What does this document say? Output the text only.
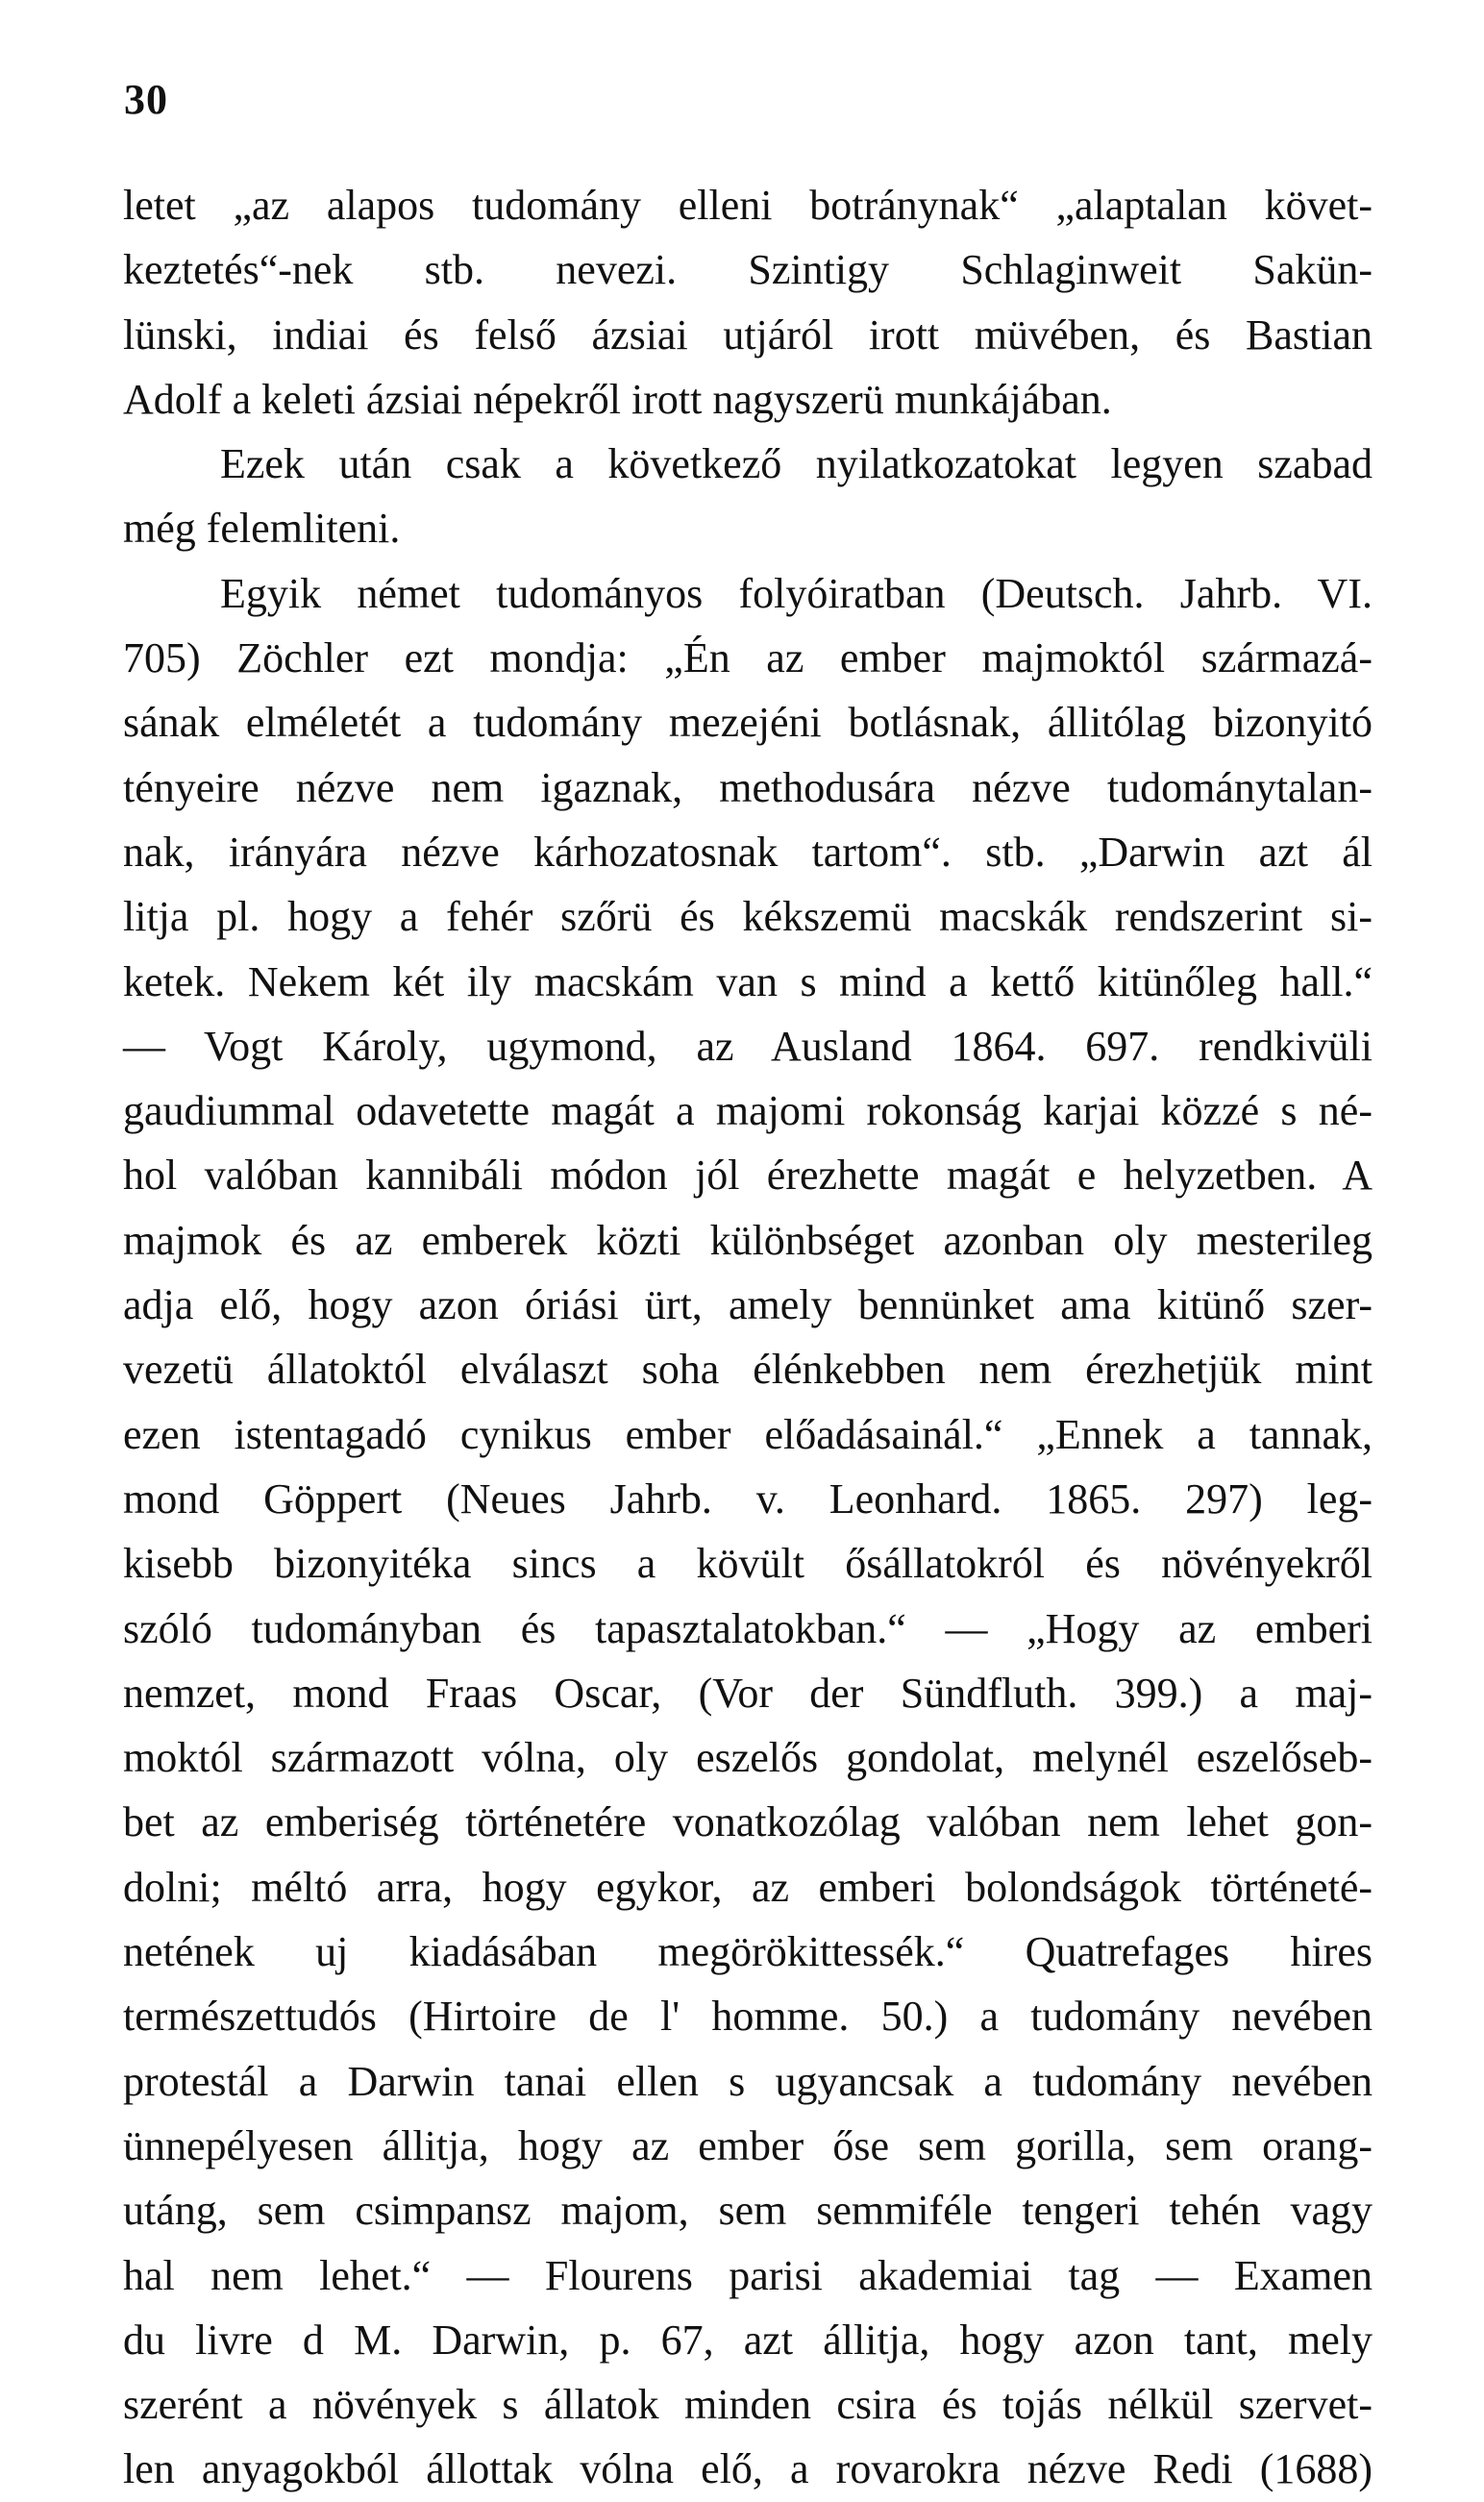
30
letet „az alapos tudomány elleni botránynak“ „alaptalan követ-
keztetés“-nek stb. nevezi. Szintigy Schlaginweit Sakün-
lünski, indiai és felső ázsiai utjáról irott müvében, és Bastian
Adolf a keleti ázsiai népekről irott nagyszerü munkájában.
Ezek után csak a következő nyilatkozatokat legyen szabad
még felemliteni.
Egyik német tudományos folyóiratban (Deutsch. Jahrb. VI.
705) Zöchler ezt mondja: „Én az ember majmoktól származá-
sának elméletét a tudomány mezejéni botlásnak, állitólag bizonyitó
tényeire nézve nem igaznak, methodusára nézve tudománytalan-
nak, irányára nézve kárhozatosnak tartom“. stb. „Darwin azt ál
litja pl. hogy a fehér szőrü és kékszemü macskák rendszerint si-
ketek. Nekem két ily macskám van s mind a kettő kitünőleg hall.“
— Vogt Károly, ugymond, az Ausland 1864. 697. rendkivüli
gaudiummal odavetette magát a majomi rokonság karjai közzé s né-
hol valóban kannibáli módon jól érezhette magát e helyzetben. A
majmok és az emberek közti különbséget azonban oly mesterileg
adja elő, hogy azon óriási ürt, amely bennünket ama kitünő szer-
vezetü állatoktól elválaszt soha élénkebben nem érezhetjük mint
ezen istentagadó cynikus ember előadásainál.“ „Ennek a tannak,
mond Göppert (Neues Jahrb. v. Leonhard. 1865. 297) leg-
kisebb bizonyitéka sincs a kövült ősállatokról és növényekről
szóló tudományban és tapasztalatokban.“ — „Hogy az emberi
nemzet, mond Fraas Oscar, (Vor der Sündfluth. 399.) a maj-
moktól származott vólna, oly eszelős gondolat, melynél eszelőseb-
bet az emberiség történetére vonatkozólag valóban nem lehet gon-
dolni; méltó arra, hogy egykor, az emberi bolondságok történeté-
netének uj kiadásában megörökittessék.“ Quatrefages hires
természettudós (Hirtoire de l' homme. 50.) a tudomány nevében
protestál a Darwin tanai ellen s ugyancsak a tudomány nevében
ünnepélyesen állitja, hogy az ember őse sem gorilla, sem orang-
utáng, sem csimpansz majom, sem semmiféle tengeri tehén vagy
hal nem lehet.“ — Flourens parisi akademiai tag — Examen
du livre d M. Darwin, p. 67, azt állitja, hogy azon tant, mely
szerént a növények s állatok minden csira és tojás nélkül szervet-
len anyagokból állottak vólna elő, a rovarokra nézve Redi (1688)
